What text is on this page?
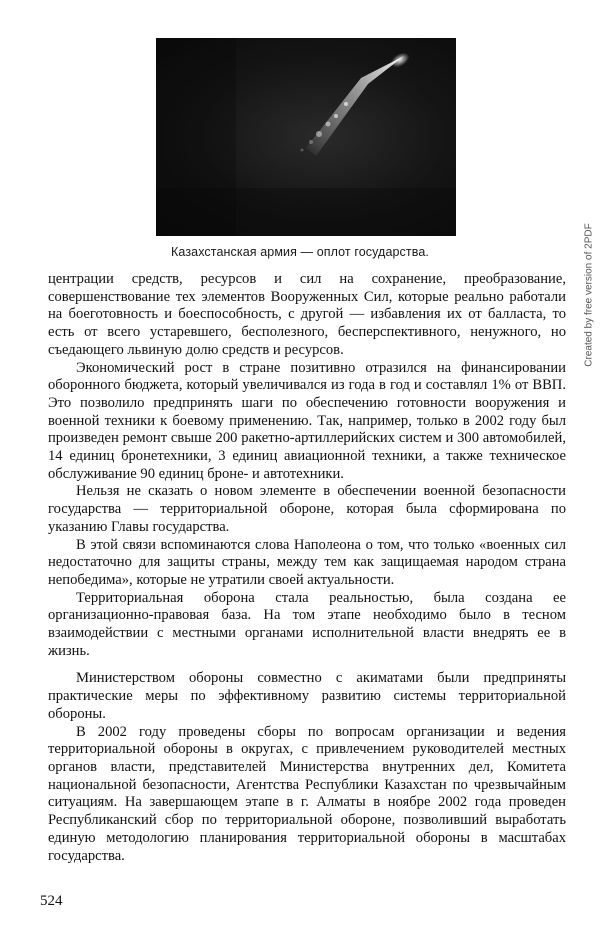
Казахстанская армия — оплот государства.

центрации средств, ресурсов и сил на сохранение, преобразование, совершенствование тех элементов Вооруженных Сил, которые реально работали на боеготовность и боеспособность, с другой — избавления их от балласта, то есть от всего устаревшего, бесполезного, бесперспективного, ненужного, но съедающего львиную долю средств и ресурсов.

Экономический рост в стране позитивно отразился на финансировании оборонного бюджета, который увеличивался из года в год и составлял 1% от ВВП. Это позволило предпринять шаги по обеспечению готовности вооружения и военной техники к боевому применению. Так, например, только в 2002 году был произведен ремонт свыше 200 ракетно-артиллерийских систем и 300 автомобилей, 14 единиц бронетехники, 3 единиц авиационной техники, а также техническое обслуживание 90 единиц броне- и автотехники.

Нельзя не сказать о новом элементе в обеспечении военной безопасности государства — территориальной обороне, которая была сформирована по указанию Главы государства.

В этой связи вспоминаются слова Наполеона о том, что только «военных сил недостаточно для защиты страны, между тем как защищаемая народом страна непобедима», которые не утратили своей актуальности.

Территориальная оборона стала реальностью, была создана ее организационно-правовая база. На том этапе необходимо было в тесном взаимодействии с местными органами исполнительной власти внедрять ее в жизнь.

Министерством обороны совместно с акиматами были предприняты практические меры по эффективному развитию системы территориальной обороны.

В 2002 году проведены сборы по вопросам организации и ведения территориальной обороны в округах, с привлечением руководителей местных органов власти, представителей Министерства внутренних дел, Комитета национальной безопасности, Агентства Республики Казахстан по чрезвычайным ситуациям. На завершающем этапе в г. Алматы в ноябре 2002 года проведен Республиканский сбор по территориальной обороне, позволивший выработать единую методологию планирования территориальной обороны в масштабах государства.

524
Created by free version of 2PDF
